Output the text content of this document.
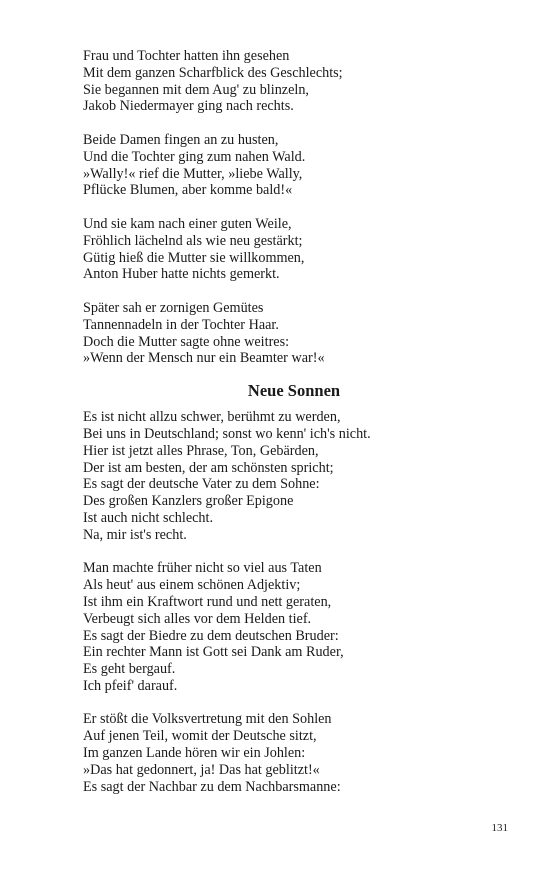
Frau und Tochter hatten ihn gesehen
Mit dem ganzen Scharfblick des Geschlechts;
Sie begannen mit dem Aug' zu blinzeln,
Jakob Niedermayer ging nach rechts.
Beide Damen fingen an zu husten,
Und die Tochter ging zum nahen Wald.
»Wally!« rief die Mutter, »liebe Wally,
Pflücke Blumen, aber komme bald!«
Und sie kam nach einer guten Weile,
Fröhlich lächelnd als wie neu gestärkt;
Gütig hieß die Mutter sie willkommen,
Anton Huber hatte nichts gemerkt.
Später sah er zornigen Gemütes
Tannennadeln in der Tochter Haar.
Doch die Mutter sagte ohne weitres:
»Wenn der Mensch nur ein Beamter war!«
Neue Sonnen
Es ist nicht allzu schwer, berühmt zu werden,
Bei uns in Deutschland; sonst wo kenn' ich's nicht.
Hier ist jetzt alles Phrase, Ton, Gebärden,
Der ist am besten, der am schönsten spricht;
Es sagt der deutsche Vater zu dem Sohne:
Des großen Kanzlers großer Epigone
Ist auch nicht schlecht.
Na, mir ist's recht.
Man machte früher nicht so viel aus Taten
Als heut' aus einem schönen Adjektiv;
Ist ihm ein Kraftwort rund und nett geraten,
Verbeugt sich alles vor dem Helden tief.
Es sagt der Biedre zu dem deutschen Bruder:
Ein rechter Mann ist Gott sei Dank am Ruder,
Es geht bergauf.
Ich pfeif' darauf.
Er stößt die Volksvertretung mit den Sohlen
Auf jenen Teil, womit der Deutsche sitzt,
Im ganzen Lande hören wir ein Johlen:
»Das hat gedonnert, ja! Das hat geblitzt!«
Es sagt der Nachbar zu dem Nachbarsmanne:
131
